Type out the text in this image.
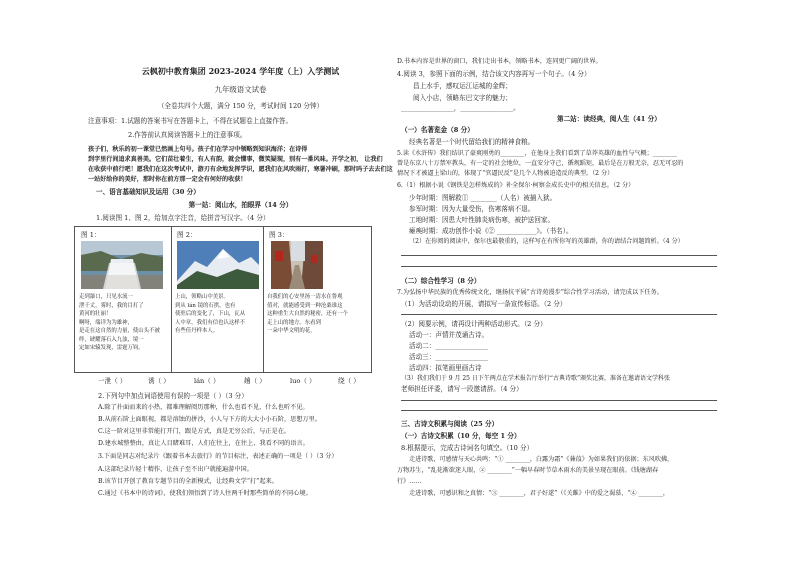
云枫初中教育集团 2023-2024 学年度（上）入学测试
九年级语文试卷
（全卷共四个大题，满分 150 分，考试时间 120 分钟）
注意事项：1.试题的答案书写在答题卡上，不得在试题卷上直接作答。
2.作答前认真阅读答题卡上的注意事项。
孩子们，秋乐的初一课堂已然画上句号。孩子们在学习中领略到知识海洋；在诗得
到字里行间追求真善美。它们苗壮着生，有人有韵，就会懂事，微笑疑现，别有一番风味。开学之初， 让我们
在收获中前行吧！愿我们在这次考试中，游刃有余地发挥学识，愿我们在风吹雨打，寒暑冲刷，那时吗子去去们这
一站好给你的美好，那时你在前方那一定会有何好的收获！
一、语言基础知识及运用（30 分）
第一站：阅山水，拍眼界（14 分）
1.阅读图 1、图 2，给加点字注音，给拼音写汉字。（4 分）
图 1：
走到瀑口，只见水流一
泄千丈，雾时，我的目打了
黄河的壮丽！
啊呀，端详为为雄神，
是走在这自然的力量，使山头不被
绊，琥耀落石入九浊，境一
定如宋辕发现，雷霆万钧。
图 2：
上山，领略山中美景。
到从 lán 镜的石拱，也有
使驻后的变化了，下山，瓦从
人中章。我们有信也认这样不
有些佳丹样本人。
图 3：
自我们的心安里扬一清水在鲁观
值对，就能感受到一种沧桑谁这
这种重生大自然的秘密，还有一个
走上山的地方。东看到
一朵中华文明的花。
一泄（ ）	诱（ ）	lán（ ）	趟（ ）	luo（ ）	绕（ ）
2.下列句中加点词语使用有误的一项是（ ）（3 分）
A.除了扑面而来的小热，都难理解阅历那种，什么也看不见，什么也听不见。
B.从前石阶上面眼视，都是溶蚀的拼沙，小人与下方的大大小小石阶，思想万里。
C.这一阶对这里非常能打开门，跟是方式，真是无穷公后，与正是在。
D.建水城整整由，真让人目睹难耳，人们在往上，在往上，我看不同的语言。
3.下面是同志对纪录片《跟着书本去旅行》的节目标注，表述正确的一项是（ ）（3 分）
A.这部纪录片轻十精作，让孩子至不出户就能遍游中国。
B.该节目开创了教育专题节目的全新模式，让经典文学“打”起来。
C.通过《书本中的诗词》，使我们领悟到了诗人往两千时那些简单的不同心境。
D.书本内容是世界的窗口，我们走出书本，领略书本，连同更广阔的世界。
4.阅读 3，参照下面的示例，结合该文内容再写一个句子。（4 分）
昌上水手，感叹运江运城的金辉；
阅入小店，领略东巴文字的魅力；
________________，________________。
第二站：读经典，阅人生（41 分）
（一）名著览金（8 分）
经典名著是一个时代留给我们的精神食粮。
5.读《水浒传》我们结识了豪爽刚勇的________，在他身上我们看到了草莽英雄的血性与气概；________
曾是东京八十万禁军教头，有一定的社会地位，一直安分守己，循规蹈矩，最后是在万般无奈，忍无可忍的
情况下才被逼上梁山的，体现了“官逼民反”是几个人物被迫造反的典型。（2 分）
6.（1）根据小说《钢铁是怎样炼成的》补全保尔·柯察金成长史中的相关信息。（2 分）
少年时期：图解救① ________（人名）被捕入狱。
参军时期：因为大量受伤，伤寒落病不退。
工地时期：因患大叶性肺炎病伤寒，被护送回家。
瘫痪时期：成功创作小说《② ____________》。（书名）。
（2）在你阅的阅读中，保尔也最敬重的，这样写在有所你写的英雄群，你的请结合问题简析。（4 分）
（二）综合性学习（8 分）
7.为弘扬中华民族的优秀传统文化，继扬抗平展“古诗苑漫步”综合性学习活动，请完成以下任务。
（1）为活动设动的开展，请拟写一条宣传标语。（2 分）
（2）阅要示例，请再设计两种活动形式。（2 分）
活动一：声情并茂诵古诗。
活动二：________________
活动三：________________
活动四：拟笔画里画古诗
（3）我们我们于 9 月 25 日下午两点在学术报告厅举行“古典诗歌”颁奖比赛，准备在邀请语文学科张
老师担任评委，请写一段邀请辞。（4 分）
三、古诗文积累与阅读（25 分）
（一）古诗文积累（10 分，每空 1 分）
8.根据提示，完成古诗词名句填空。（10 分）
走进诗歌，可感情与天心共鸣：“① ________，白露为霜”《蒹葭》为如果我们的依据；东风吹拂，
万物苏生，“乱花渐欲迷人眼，② ________”一幅早春时节草木雨水的美景呈现在眼前。《钱塘湖春
行》……
走进诗歌，可感识和之真情：“③ ________，君子好逑”（《关雎》中的爱之渴慕，“④ ________，
